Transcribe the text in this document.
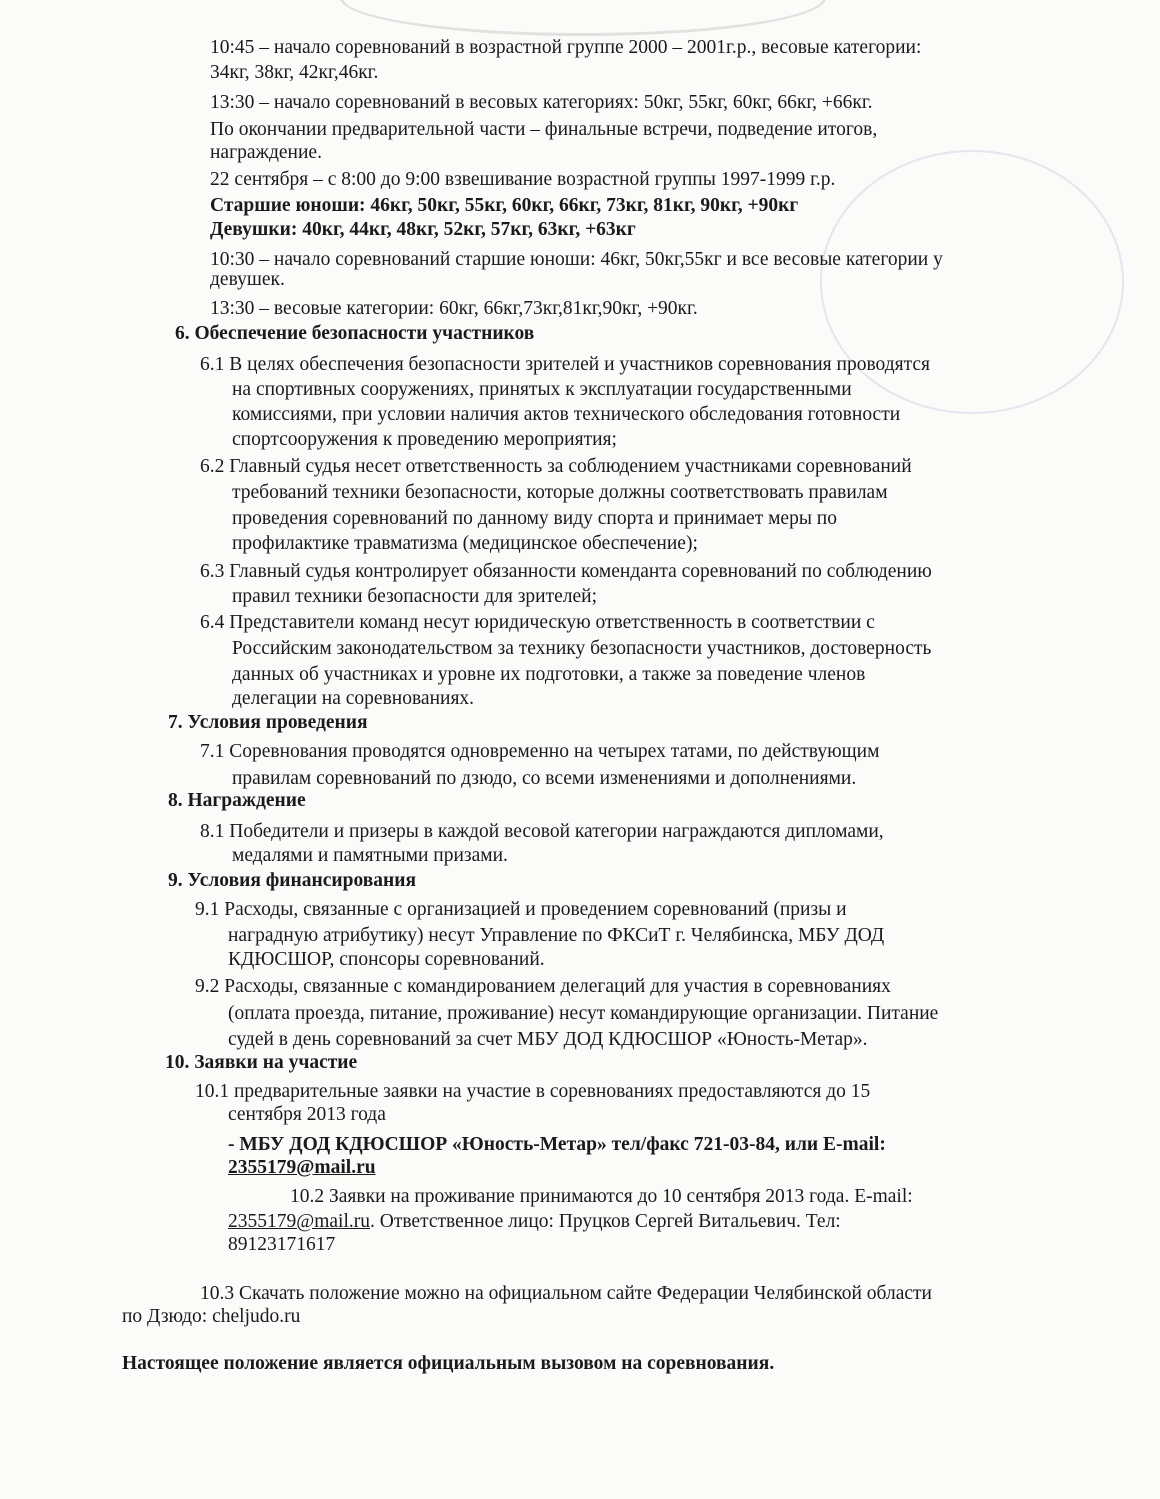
10:45 – начало соревнований в возрастной группе 2000 – 2001г.р., весовые категории:
34кг, 38кг, 42кг,46кг.
13:30 – начало соревнований в весовых категориях: 50кг, 55кг, 60кг, 66кг, +66кг.
По окончании предварительной части – финальные встречи, подведение итогов,
награждение.
22 сентября – с 8:00 до 9:00 взвешивание возрастной группы 1997-1999 г.р.
Старшие юноши: 46кг, 50кг, 55кг, 60кг, 66кг, 73кг, 81кг, 90кг, +90кг
Девушки: 40кг, 44кг, 48кг, 52кг, 57кг, 63кг, +63кг
10:30 – начало соревнований старшие юноши: 46кг, 50кг,55кг и все весовые категории у
девушек.
13:30 – весовые категории: 60кг, 66кг,73кг,81кг,90кг, +90кг.
6. Обеспечение безопасности участников
6.1 В целях обеспечения безопасности зрителей и участников соревнования проводятся
на спортивных сооружениях, принятых к эксплуатации государственными
комиссиями, при условии наличия актов технического обследования готовности
спортсооружения к проведению мероприятия;
6.2 Главный судья несет ответственность за соблюдением участниками соревнований
требований техники безопасности, которые должны соответствовать правилам
проведения соревнований по данному виду спорта и принимает меры по
профилактике травматизма (медицинское обеспечение);
6.3 Главный судья контролирует обязанности коменданта соревнований по соблюдению
правил техники безопасности для зрителей;
6.4 Представители команд несут юридическую ответственность в соответствии с
Российским законодательством за технику безопасности участников, достоверность
данных об участниках и уровне их подготовки, а также за поведение членов
делегации на соревнованиях.
7. Условия проведения
7.1 Соревнования проводятся одновременно на четырех татами, по действующим
правилам соревнований по дзюдо, со всеми изменениями и дополнениями.
8. Награждение
8.1 Победители и призеры в каждой весовой категории награждаются дипломами,
медалями и памятными призами.
9. Условия финансирования
9.1 Расходы, связанные с организацией и проведением соревнований (призы и
наградную атрибутику) несут Управление по ФКСиТ г. Челябинска, МБУ ДОД
КДЮСШОР, спонсоры соревнований.
9.2 Расходы, связанные с командированием делегаций для участия в соревнованиях
(оплата проезда, питание, проживание) несут командирующие организации. Питание
судей в день соревнований за счет МБУ ДОД КДЮСШОР «Юность-Метар».
10. Заявки на участие
10.1 предварительные заявки на участие в соревнованиях предоставляются до 15
сентября 2013 года
- МБУ ДОД КДЮСШОР «Юность-Метар» тел/факс 721-03-84, или E-mail:
2355179@mail.ru
10.2 Заявки на проживание принимаются до 10 сентября 2013 года. E-mail:
2355179@mail.ru. Ответственное лицо: Пруцков Сергей Витальевич. Тел:
89123171617
10.3 Скачать положение можно на официальном сайте Федерации Челябинской области
по Дзюдо: cheljudo.ru
Настоящее положение является официальным вызовом на соревнования.
